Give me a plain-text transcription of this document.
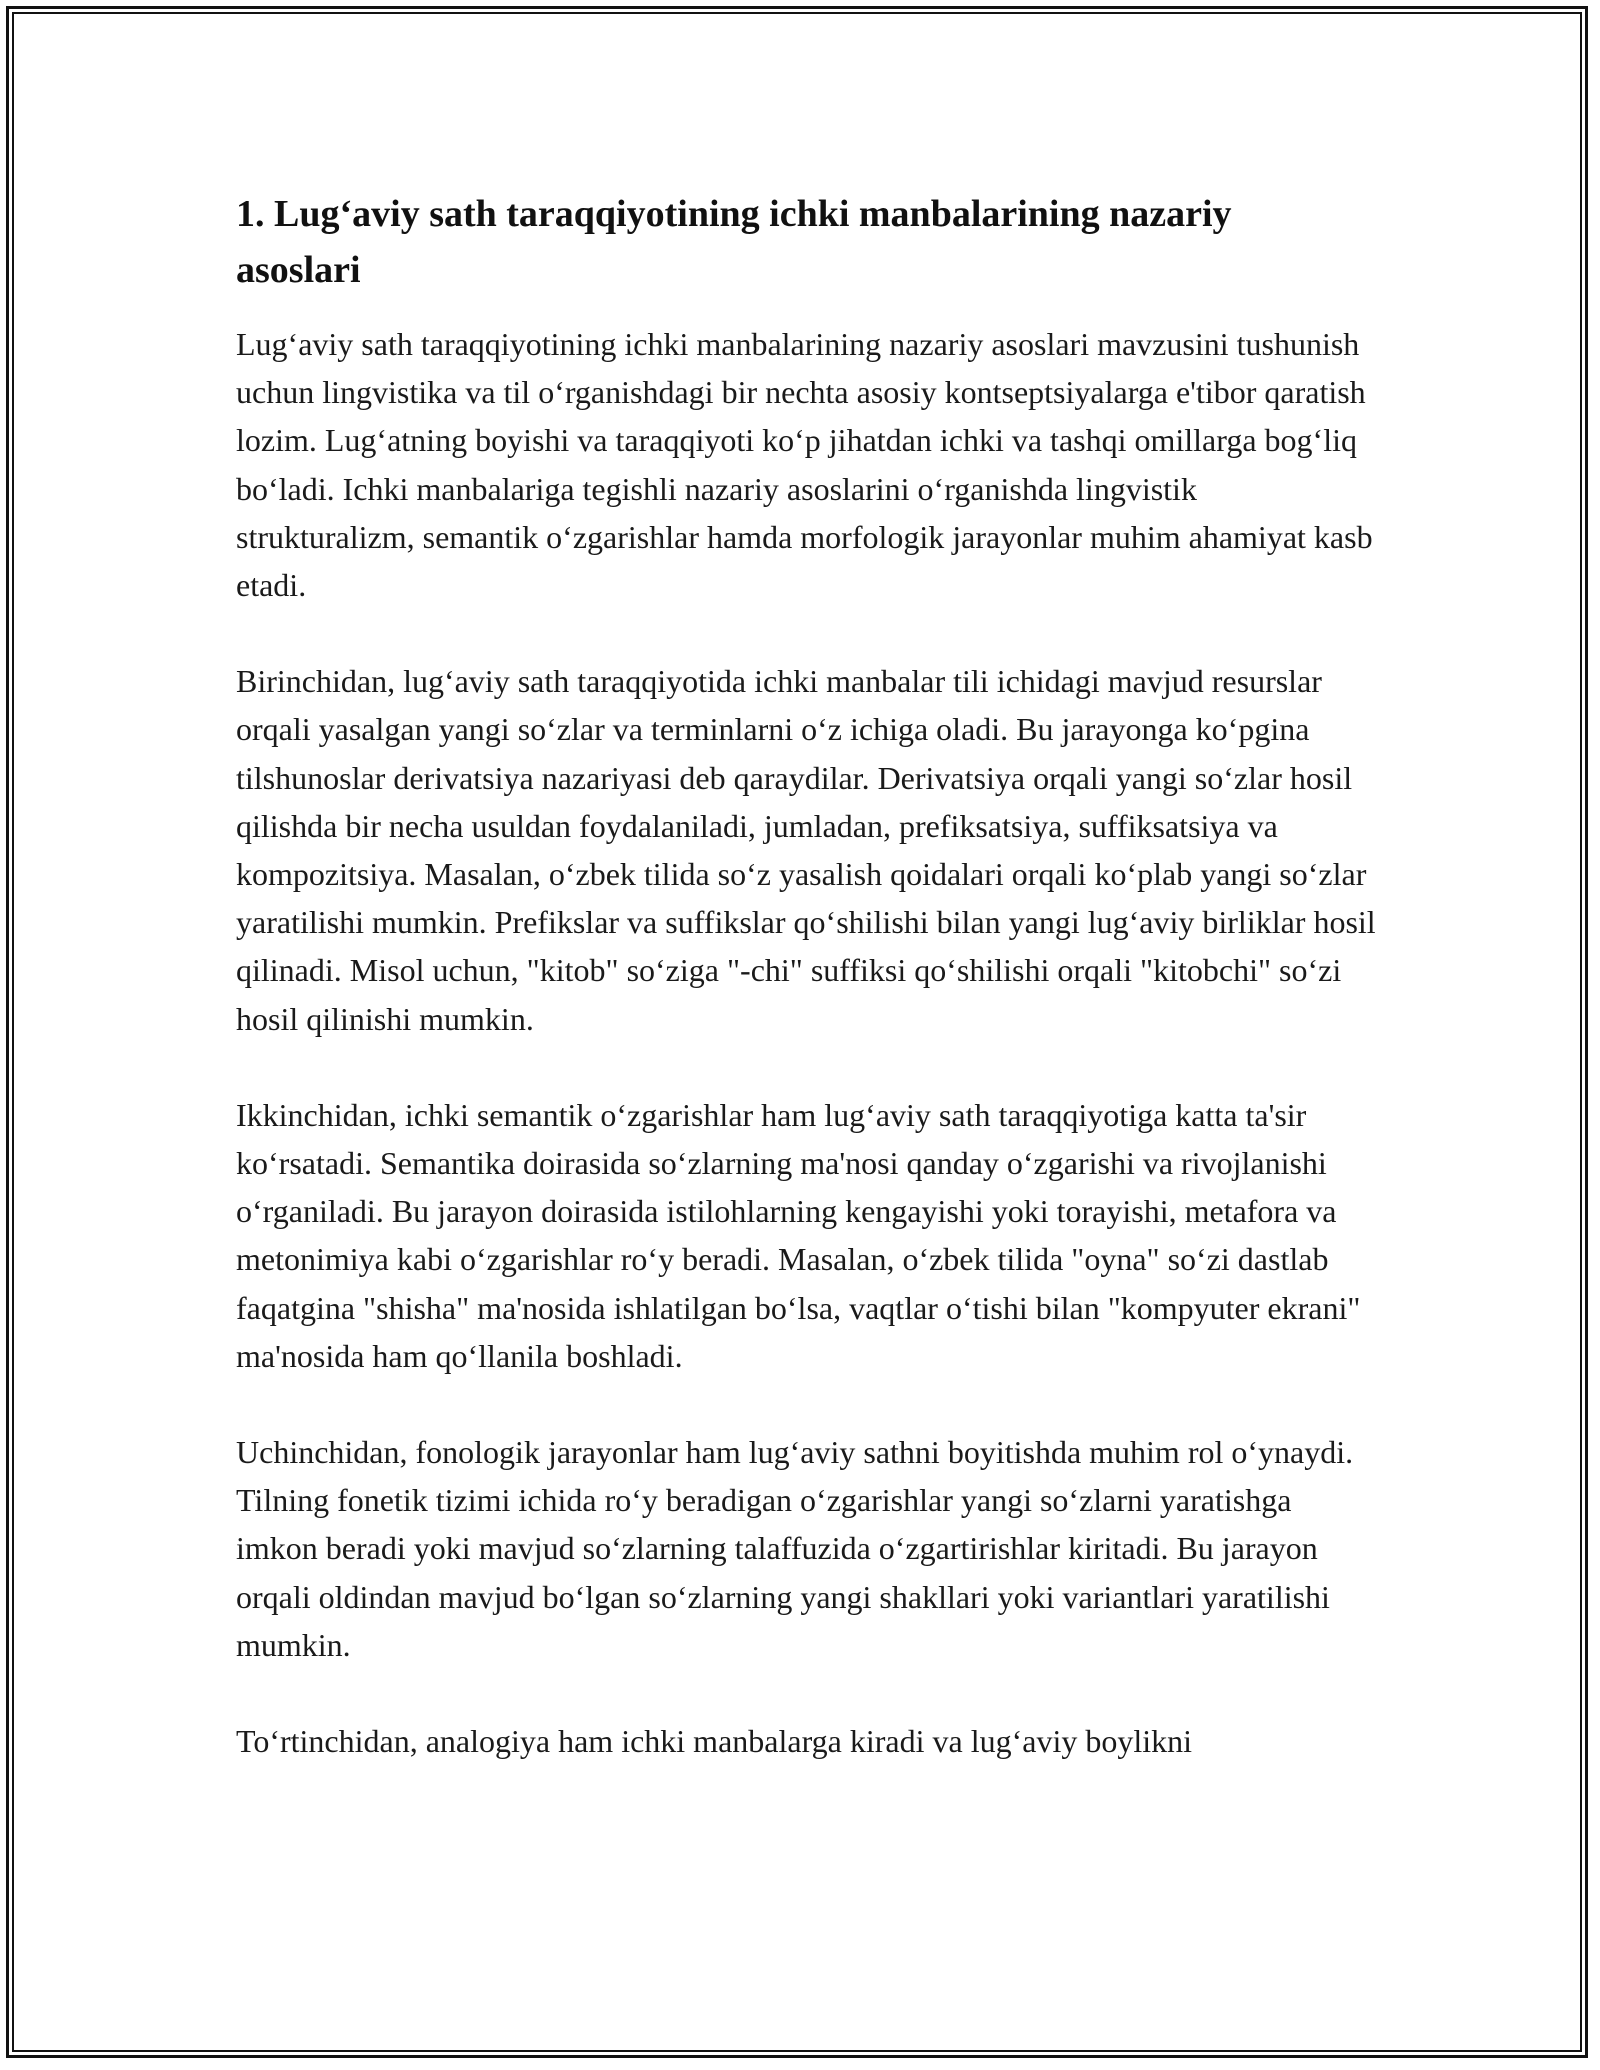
1. Lug‘aviy sath taraqqiyotining ichki manbalarining nazariy
asoslari

Lug‘aviy sath taraqqiyotining ichki manbalarining nazariy asoslari mavzusini tushunish uchun lingvistika va til o‘rganishdagi bir nechta asosiy kontseptsiyalarga e'tibor qaratish lozim. Lug‘atning boyishi va taraqqiyoti ko‘p jihatdan ichki va tashqi omillarga bog‘liq bo‘ladi. Ichki manbalariga tegishli nazariy asoslarini o‘rganishda lingvistik strukturalizm, semantik o‘zgarishlar hamda morfologik jarayonlar muhim ahamiyat kasb etadi.

Birinchidan, lug‘aviy sath taraqqiyotida ichki manbalar tili ichidagi mavjud resurslar orqali yasalgan yangi so‘zlar va terminlarni o‘z ichiga oladi. Bu jarayonga ko‘pgina tilshunoslar derivatsiya nazariyasi deb qaraydilar. Derivatsiya orqali yangi so‘zlar hosil qilishda bir necha usuldan foydalaniladi, jumladan, prefiksatsiya, suffiksatsiya va kompozitsiya. Masalan, o‘zbek tilida so‘z yasalish qoidalari orqali ko‘plab yangi so‘zlar yaratilishi mumkin. Prefikslar va suffikslar qo‘shilishi bilan yangi lug‘aviy birliklar hosil qilinadi. Misol uchun, "kitob" so‘ziga "-chi" suffiksi qo‘shilishi orqali "kitobchi" so‘zi hosil qilinishi mumkin.

Ikkinchidan, ichki semantik o‘zgarishlar ham lug‘aviy sath taraqqiyotiga katta ta'sir ko‘rsatadi. Semantika doirasida so‘zlarning ma'nosi qanday o‘zgarishi va rivojlanishi o‘rganiladi. Bu jarayon doirasida istilohlarning kengayishi yoki torayishi, metafora va metonimiya kabi o‘zgarishlar ro‘y beradi. Masalan, o‘zbek tilida "oyna" so‘zi dastlab faqatgina "shisha" ma'nosida ishlatilgan bo‘lsa, vaqtlar o‘tishi bilan "kompyuter ekrani" ma'nosida ham qo‘llanila boshladi.

Uchinchidan, fonologik jarayonlar ham lug‘aviy sathni boyitishda muhim rol o‘ynaydi. Tilning fonetik tizimi ichida ro‘y beradigan o‘zgarishlar yangi so‘zlarni yaratishga imkon beradi yoki mavjud so‘zlarning talaffuzida o‘zgartirishlar kiritadi. Bu jarayon orqali oldindan mavjud bo‘lgan so‘zlarning yangi shakllari yoki variantlari yaratilishi mumkin.

To‘rtinchidan, analogiya ham ichki manbalarga kiradi va lug‘aviy boylikni
